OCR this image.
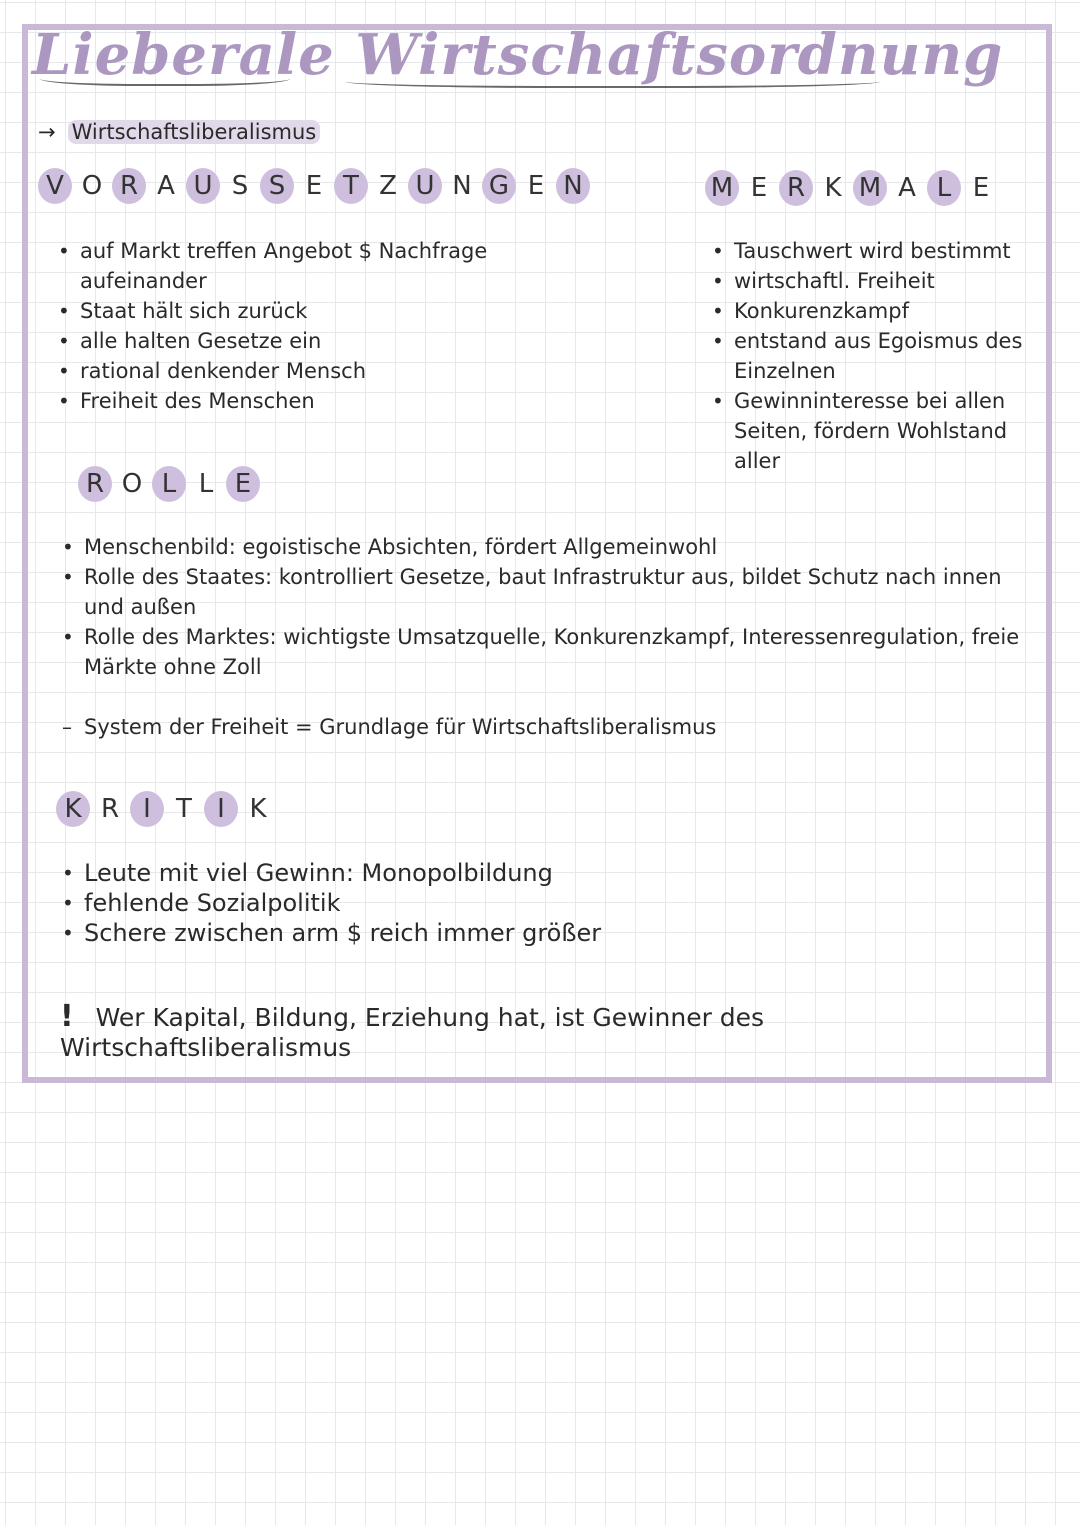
Lieberale Wirtschaftsordnung
→ Wirtschaftsliberalismus
V O R A U S S E T Z U N G E N	M E R K M A L E
• auf Markt treffen Angebot $ Nachfrage aufeinander
• Staat hält sich zurück
• alle halten Gesetze ein
• rational denkender Mensch
• Freiheit des Menschen
• Tauschwert wird bestimmt
• wirtschaftl. Freiheit
• Konkurenzkampf
• entstand aus Egoismus des Einzelnen
• Gewinninteresse bei allen Seiten, fördern Wohlstand aller
R O L L E
• Menschenbild: egoistische Absichten, fördert Allgemeinwohl
• Rolle des Staates: kontrolliert Gesetze, baut Infrastruktur aus, bildet Schutz nach innen und außen
• Rolle des Marktes: wichtigste Umsatzquelle, Konkurenzkampf, Interessenregulation, freie Märkte ohne Zoll
– System der Freiheit = Grundlage für Wirtschaftsliberalismus
K R I T I K
• Leute mit viel Gewinn: Monopolbildung
• fehlende Sozialpolitik
• Schere zwischen arm $ reich immer größer
! Wer Kapital, Bildung, Erziehung hat, ist Gewinner des Wirtschaftsliberalismus
